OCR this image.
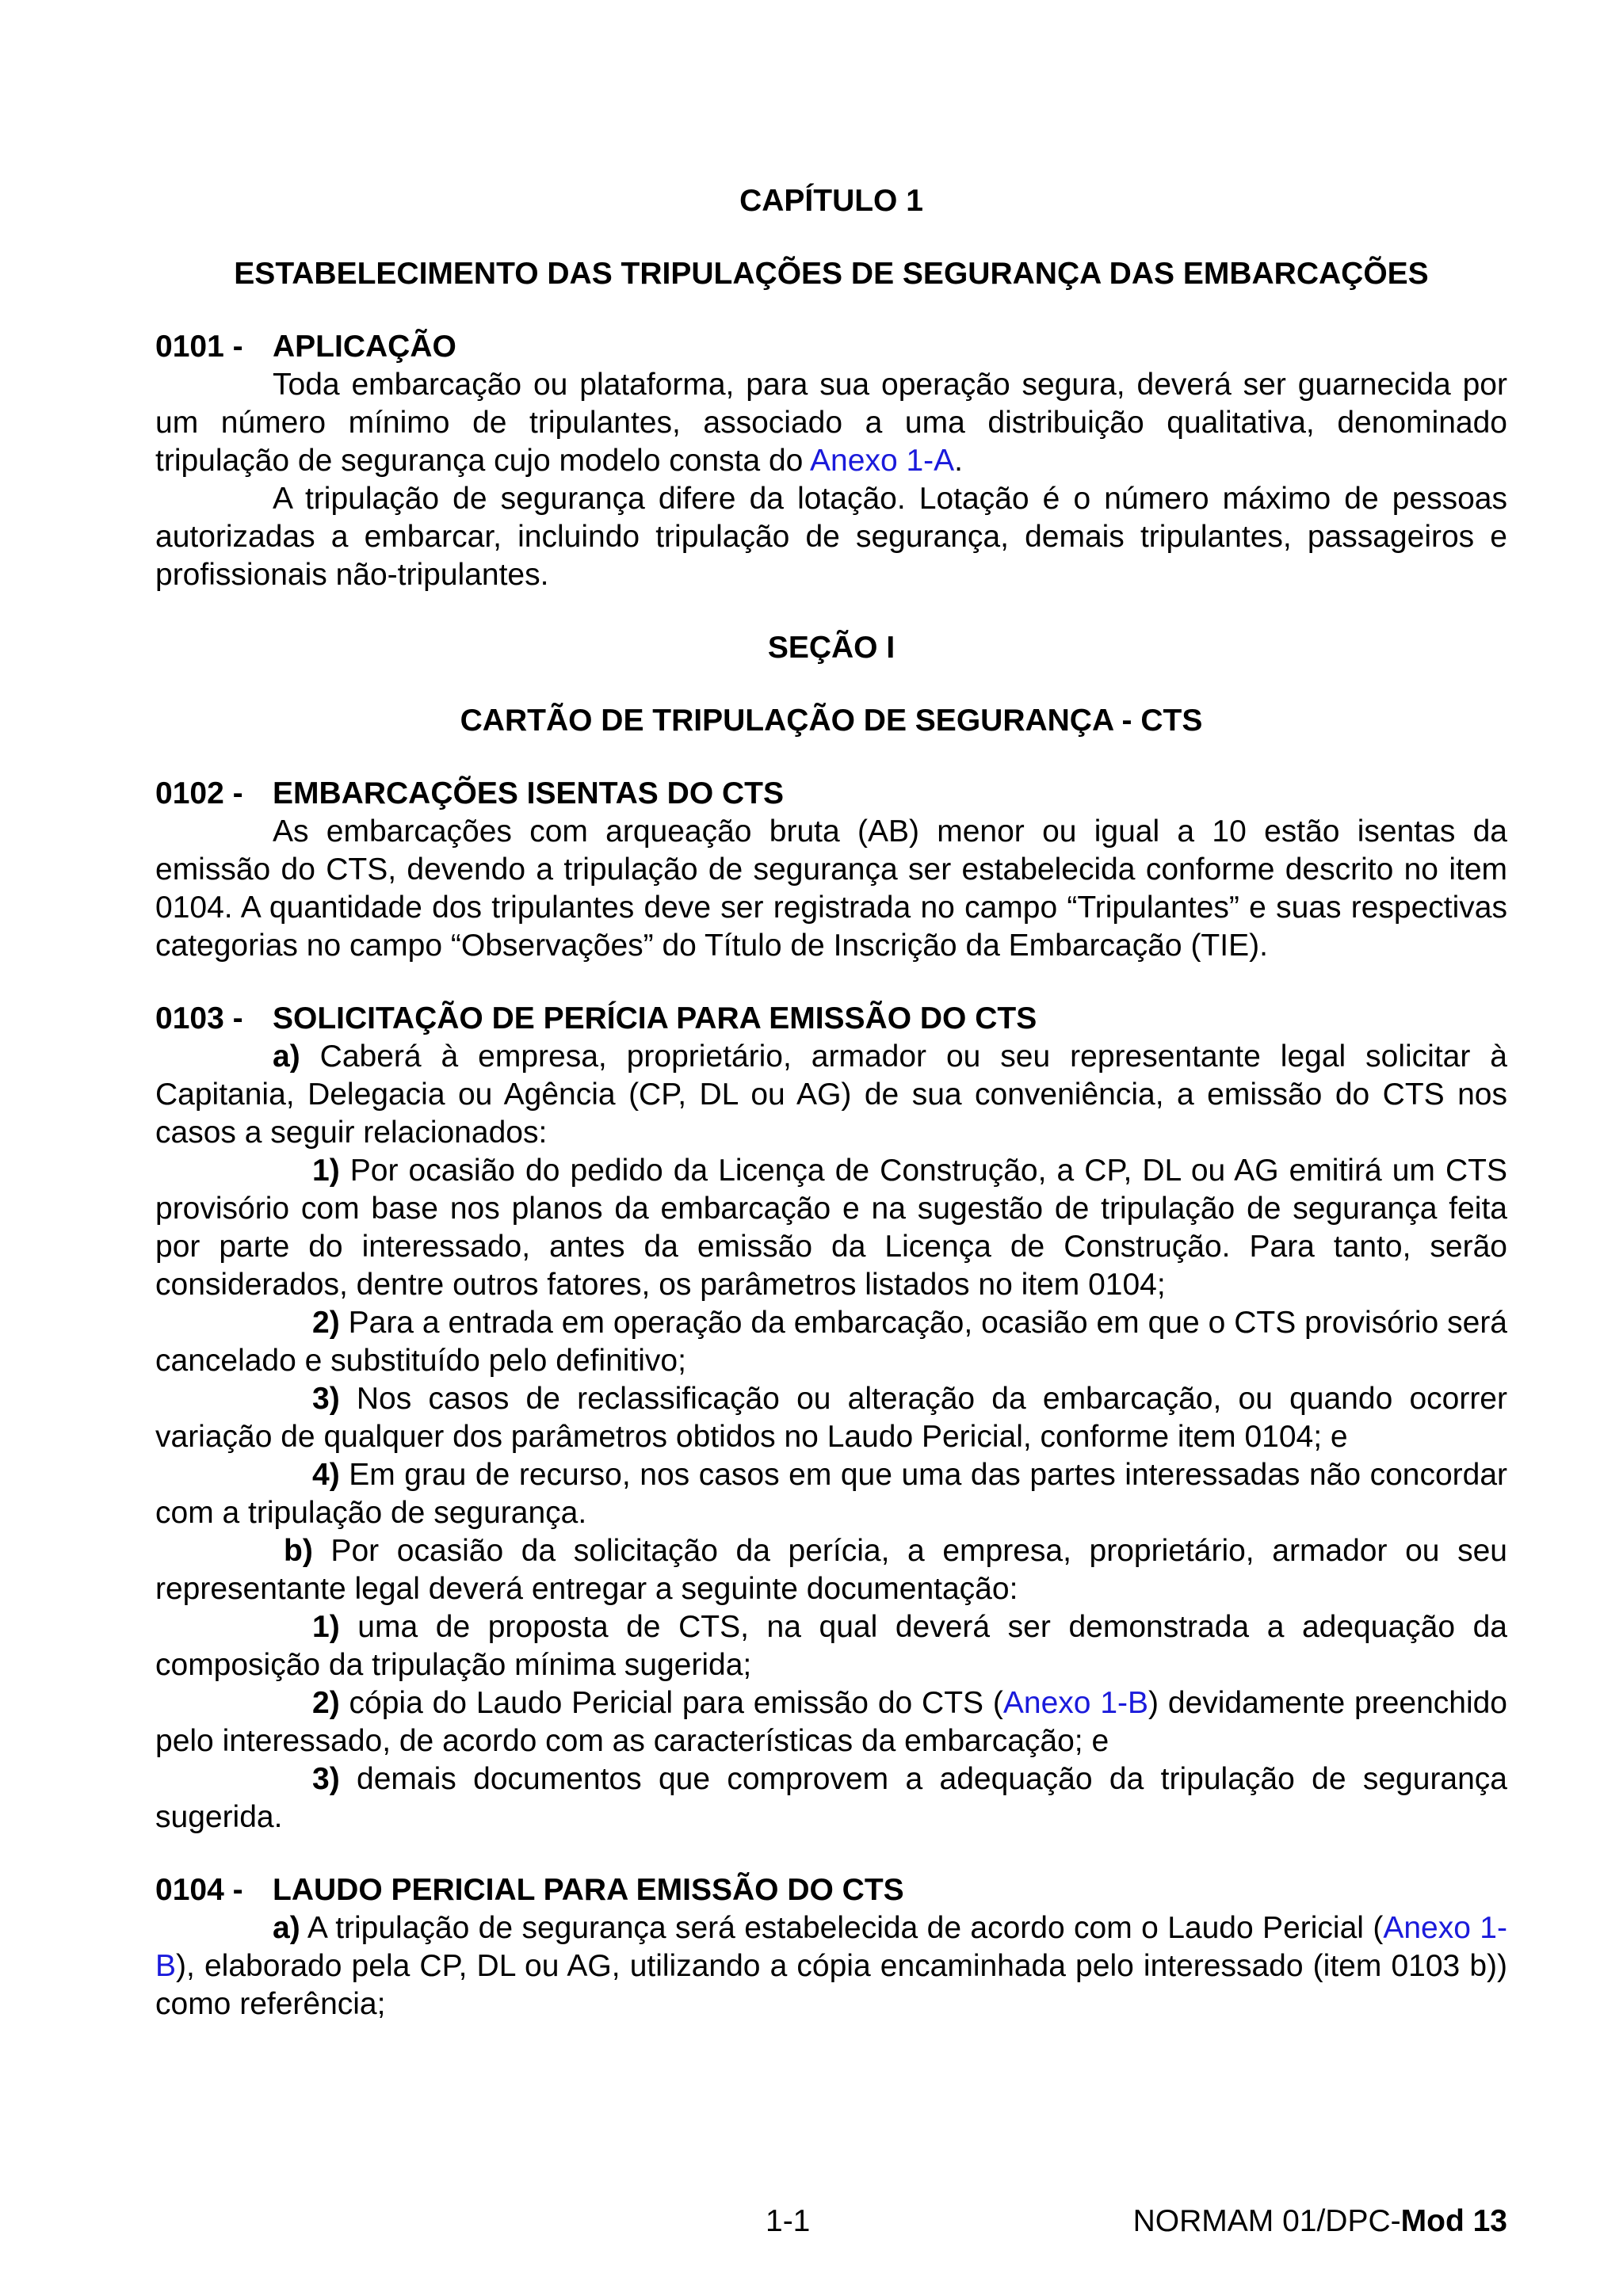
CAPÍTULO 1
ESTABELECIMENTO DAS TRIPULAÇÕES DE SEGURANÇA DAS EMBARCAÇÕES
0101 - APLICAÇÃO

Toda embarcação ou plataforma, para sua operação segura, deverá ser guarnecida por um número mínimo de tripulantes, associado a uma distribuição qualitativa, denominado tripulação de segurança cujo modelo consta do Anexo 1-A.

A tripulação de segurança difere da lotação. Lotação é o número máximo de pessoas autorizadas a embarcar, incluindo tripulação de segurança, demais tripulantes, passageiros e profissionais não-tripulantes.

SEÇÃO I
CARTÃO DE TRIPULAÇÃO DE SEGURANÇA - CTS
0102 - EMBARCAÇÕES ISENTAS DO CTS

As embarcações com arqueação bruta (AB) menor ou igual a 10 estão isentas da emissão do CTS, devendo a tripulação de segurança ser estabelecida conforme descrito no item 0104. A quantidade dos tripulantes deve ser registrada no campo “Tripulantes” e suas respectivas categorias no campo “Observações” do Título de Inscrição da Embarcação (TIE).

0103 - SOLICITAÇÃO DE PERÍCIA PARA EMISSÃO DO CTS

a) Caberá à empresa, proprietário, armador ou seu representante legal solicitar à Capitania, Delegacia ou Agência (CP, DL ou AG) de sua conveniência, a emissão do CTS nos casos a seguir relacionados:

1) Por ocasião do pedido da Licença de Construção, a CP, DL ou AG emitirá um CTS provisório com base nos planos da embarcação e na sugestão de tripulação de segurança feita por parte do interessado, antes da emissão da Licença de Construção. Para tanto, serão considerados, dentre outros fatores, os parâmetros listados no item 0104;

2) Para a entrada em operação da embarcação, ocasião em que o CTS provisório será cancelado e substituído pelo definitivo;

3) Nos casos de reclassificação ou alteração da embarcação, ou quando ocorrer variação de qualquer dos parâmetros obtidos no Laudo Pericial, conforme item 0104; e

4) Em grau de recurso, nos casos em que uma das partes interessadas não concordar com a tripulação de segurança.

b) Por ocasião da solicitação da perícia, a empresa, proprietário, armador ou seu representante legal deverá entregar a seguinte documentação:

1) uma de proposta de CTS, na qual deverá ser demonstrada a adequação da composição da tripulação mínima sugerida;

2) cópia do Laudo Pericial para emissão do CTS (Anexo 1-B) devidamente preenchido pelo interessado, de acordo com as características da embarcação; e

3) demais documentos que comprovem a adequação da tripulação de segurança sugerida.

0104 - LAUDO PERICIAL PARA EMISSÃO DO CTS

a) A tripulação de segurança será estabelecida de acordo com o Laudo Pericial (Anexo 1-B), elaborado pela CP, DL ou AG, utilizando a cópia encaminhada pelo interessado (item 0103 b)) como referência;

1-1	NORMAM 01/DPC-Mod 13
